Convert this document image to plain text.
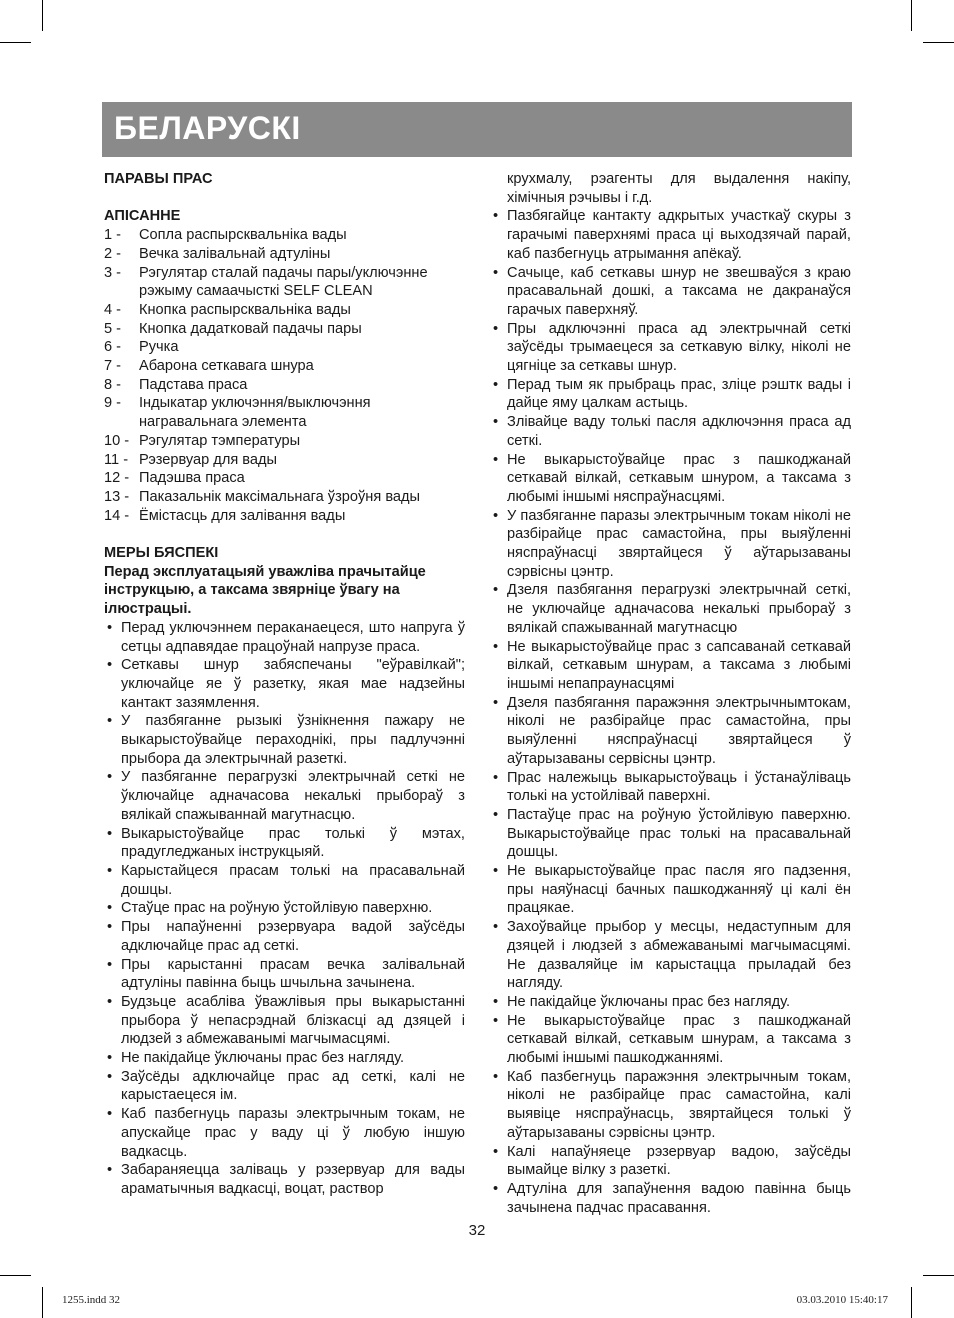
БЕЛАРУСКІ

ПАРАВЫ ПРАС

АПІСАННЕ

1 - Сопла распырсквальніка вады
2 - Вечка залівальнай адтуліны
3 - Рэгулятар сталай падачы пары/уключэнне рэжыму самаачысткі SELF CLEAN
4 - Кнопка распырсквальніка вады
5 - Кнопка дадатковай падачы пары
6 - Ручка
7 - Абарона сеткавага шнура
8 - Падстава праса
9 - Індыкатар уключэння/выключэння награвальнага элемента
10 - Рэгулятар тэмпературы
11 - Рэзервуар для вады
12 - Падэшва праса
13 - Паказальнік максімальнага ўзроўня вады
14 - Ёмістасць для залівання вады

МЕРЫ БЯСПЕКІ

Перад эксплуатацыяй уважліва прачытайце інструкцыю, а таксама звярніце ўвагу на ілюстрацыі.

• Перад уключэннем пераканаецеся, што напруга ў сетцы адпавядае працоўнай напрузе праса.
• Сеткавы шнур забяспечаны "еўравілкай"; уключайце яе ў разетку, якая мае надзейны кантакт зазямлення.
• У пазбяганне рызыкі ўзнікнення пажару не выкарыстоўвайце пераходнікі, пры падлучэнні прыбора да электрычнай разеткі.
• У пазбяганне перагрузкі электрычнай сеткі не ўключайце адначасова некалькі прыбораў з вялікай спажываннай магутнасцю.
• Выкарыстоўвайце прас толькі ў мэтах, прадугледжаных інструкцыяй.
• Карыстайцеся прасам толькі на прасавальнай дошцы.
• Стаўце прас на роўную ўстойлівую паверхню.
• Пры напаўненні рэзервуара вадой заўсёды адключайце прас ад сеткі.
• Пры карыстанні прасам вечка залівальнай адтуліны павінна быць шчыльна зачынена.
• Будзьце асабліва ўважлівыя пры выкарыстанні прыбора ў непасрэднай блізкасці ад дзяцей і людзей з абмежаванымі магчымасцямі.
• Не пакідайце ўключаны прас без нагляду.
• Заўсёды адключайце прас ад сеткі, калі не карыстаецеся ім.
• Каб пазбегнуць паразы электрычным токам, не апускайце прас у ваду ці ў любую іншую вадкасць.
• Забараняецца заліваць у рэзервуар для вады араматычныя вадкасці, воцат, раствор

крухмалу, рэагенты для выдалення накіпу, хімічныя рэчывы і г.д.

• Пазбягайце кантакту адкрытых участкаў скуры з гарачымі паверхнямі праса ці выходзячай парай, каб пазбегнуць атрымання апёкаў.
• Сачыце, каб сеткавы шнур не звешваўся з краю прасавальнай дошкі, а таксама не дакранаўся гарачых паверхняў.
• Пры адключэнні праса ад электрычнай сеткі заўсёды трымаецеся за сеткавую вілку, ніколі не цягніце за сеткавы шнур.
• Перад тым як прыбраць прас, зліце рэштк вады і дайце яму цалкам астыць.
• Злівайце ваду толькі пасля адключэння праса ад сеткі.
• Не выкарыстоўвайце прас з пашкоджанай сеткавай вілкай, сеткавым шнуром, а таксама з любымі іншымі няспраўнасцямі.
• У пазбяганне паразы электрычным токам ніколі не разбірайце прас самастойна, пры выяўленні няспраўнасці звяртайцеся ў аўтарызаваны сэрвісны цэнтр.
• Дзеля пазбягання перагрузкі электрычнай сеткі, не уключайце адначасова некалькі прыбораў з вялікай спажываннай магутнасцю
• Не выкарыстоўвайце прас з сапсаванай сеткавай вілкай, сеткавым шнурам, а таксама з любымі іншымі непапраунасцямі
• Дзеля пазбягання паражэння электрычнымтокам, ніколі не разбірайце прас самастойна, пры выяўленні няспраўнасці звяртайцеся ў аўтарызаваны сервісны цэнтр.
• Прас належыць выкарыстоўваць і ўстанаўліваць толькі на устойлівай паверхні.
• Пастаўце прас на роўную ўстойлівую паверхню. Выкарыстоўвайце прас толькі на прасавальнай дошцы.
• Не выкарыстоўвайце прас пасля яго падзення, пры наяўнасці бачных пашкоджанняў ці калі ён працякае.
• Захоўвайце прыбор у месцы, недаступным для дзяцей і людзей з абмежаванымі магчымасцямі. Не дазваляйце ім карыстацца прыладай без нагляду.
• Не пакідайце ўключаны прас без нагляду.
• Не выкарыстоўвайце прас з пашкоджанай сеткавай вілкай, сеткавым шнурам, а таксама з любымі іншымі пашкоджаннямі.
• Каб пазбегнуць паражэння электрычным токам, ніколі не разбірайце прас самастойна, калі выявіце няспраўнасць, звяртайцеся толькі ў аўтарызаваны сэрвісны цэнтр.
• Калі напаўняеце рэзервуар вадою, заўсёды вымайце вілку з разеткі.
• Адтуліна для запаўнення вадою павінна быць зачынена падчас прасавання.
32
1255.indd 32	03.03.2010 15:40:17
